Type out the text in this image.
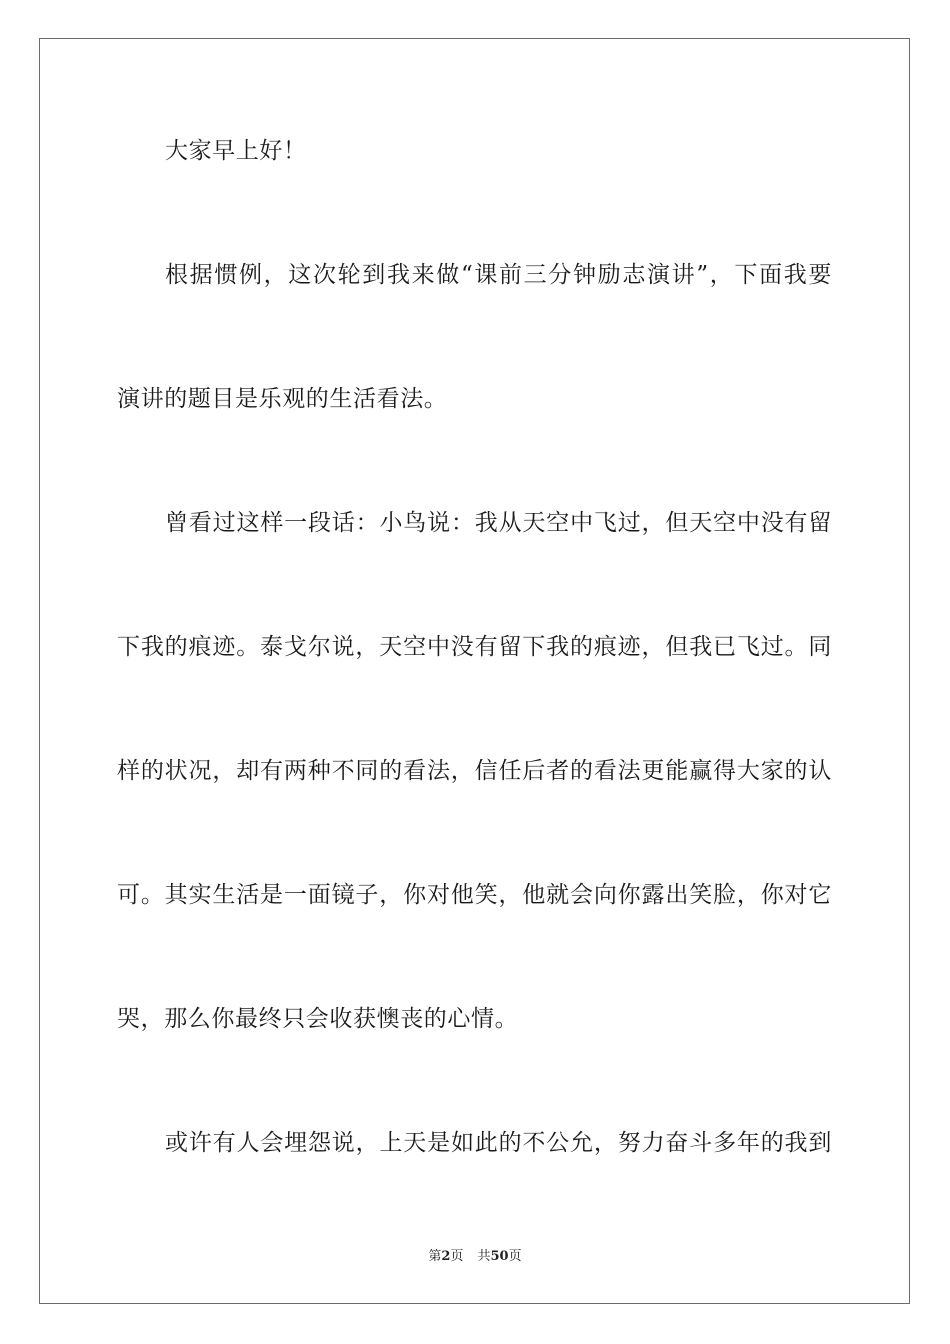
大家早上好！
根据惯例，这次轮到我来做“课前三分钟励志演讲”，下面我要
演讲的题目是乐观的生活看法。
曾看过这样一段话：小鸟说：我从天空中飞过，但天空中没有留
下我的痕迹。泰戈尔说，天空中没有留下我的痕迹，但我已飞过。同
样的状况，却有两种不同的看法，信任后者的看法更能赢得大家的认
可。其实生活是一面镜子，你对他笑，他就会向你露出笑脸，你对它
哭，那么你最终只会收获懊丧的心情。
或许有人会埋怨说，上天是如此的不公允，努力奋斗多年的我到
第2页 共50页
